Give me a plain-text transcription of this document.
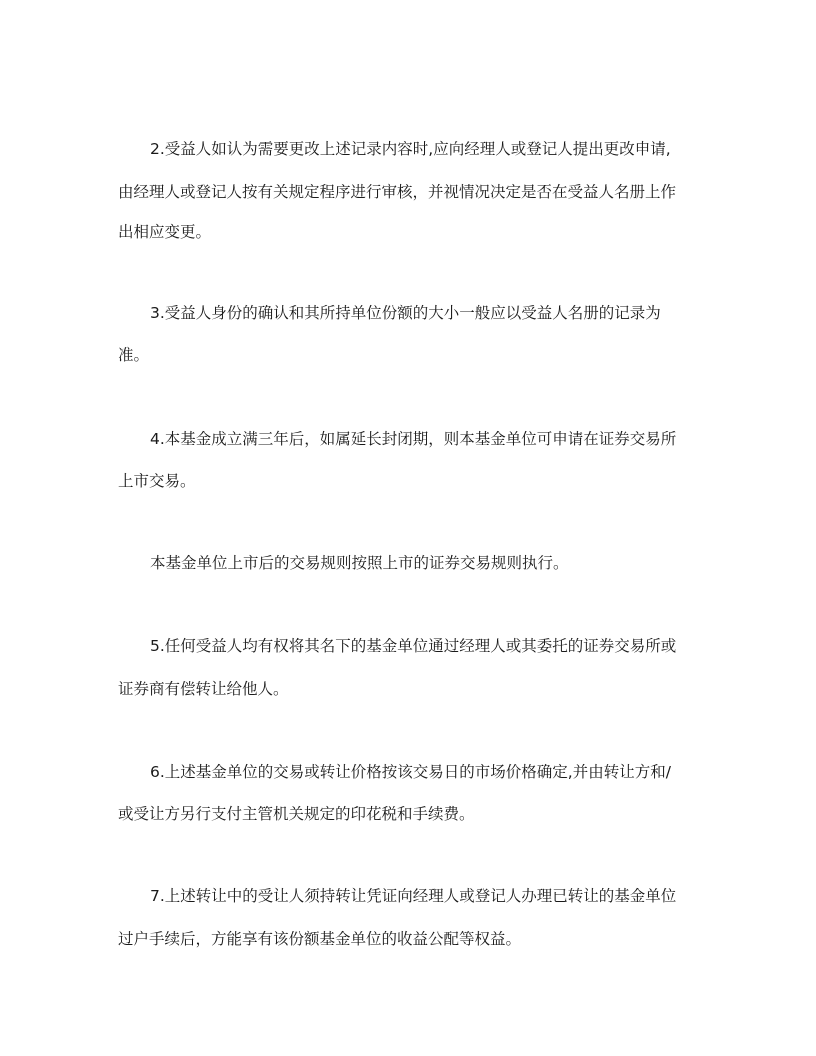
2.受益人如认为需要更改上述记录内容时,应向经理人或登记人提出更改申请,
由经理人或登记人按有关规定程序进行审核，并视情况决定是否在受益人名册上作
出相应变更。
3.受益人身份的确认和其所持单位份额的大小一般应以受益人名册的记录为
准。
4.本基金成立满三年后，如属延长封闭期，则本基金单位可申请在证券交易所
上市交易。
本基金单位上市后的交易规则按照上市的证券交易规则执行。
5.任何受益人均有权将其名下的基金单位通过经理人或其委托的证券交易所或
证券商有偿转让给他人。
6.上述基金单位的交易或转让价格按该交易日的市场价格确定,并由转让方和/
或受让方另行支付主管机关规定的印花税和手续费。
7.上述转让中的受让人须持转让凭证向经理人或登记人办理已转让的基金单位
过户手续后，方能享有该份额基金单位的收益公配等权益。
